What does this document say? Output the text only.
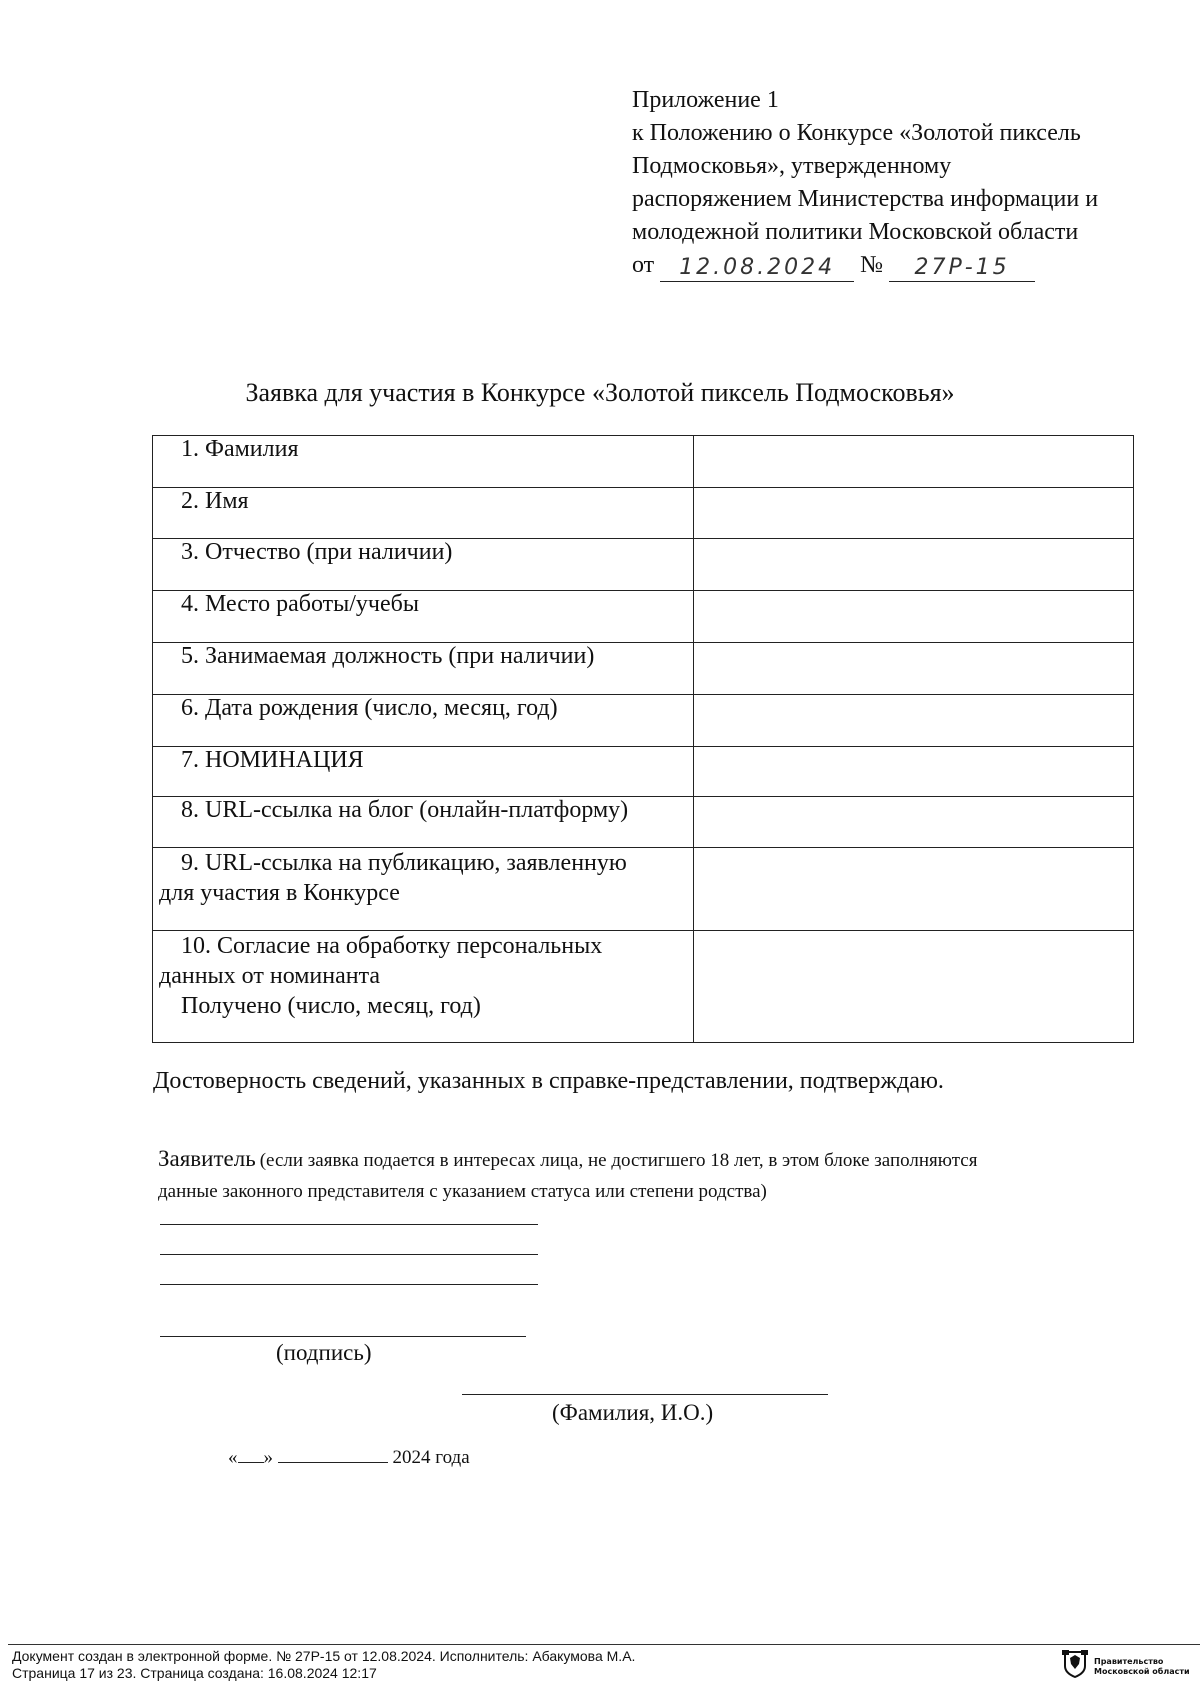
Приложение 1
к Положению о Конкурсе «Золотой пиксель
Подмосковья», утвержденному
распоряжением Министерства информации и
молодежной политики Московской области
от 12.08.2024 № 27Р-15
Заявка для участия в Конкурсе «Золотой пиксель Подмосковья»
1. Фамилия	
2. Имя	
3. Отчество (при наличии)	
4. Место работы/учебы	
5. Занимаемая должность (при наличии)	
6. Дата рождения (число, месяц, год)	
7. НОМИНАЦИЯ	
8. URL-ссылка на блог (онлайн-платформу)	

9. URL-ссылка на публикацию, заявленную
для участия в Конкурсе	

10. Согласие на обработку персональных
данных от номинанта
Получено (число, месяц, год)	

Достоверность сведений, указанных в справке-представлении, подтверждаю.
Заявитель (если заявка подается в интересах лица, не достигшего 18 лет, в этом блоке заполняются
данные законного представителя с указанием статуса или степени родства)
(подпись)
(Фамилия, И.О.)
« »	2024 года
Документ создан в электронной форме. № 27Р-15 от 12.08.2024. Исполнитель: Абакумова М.А.
Страница 17 из 23. Страница создана: 16.08.2024 12:17
Правительство
Московской области
